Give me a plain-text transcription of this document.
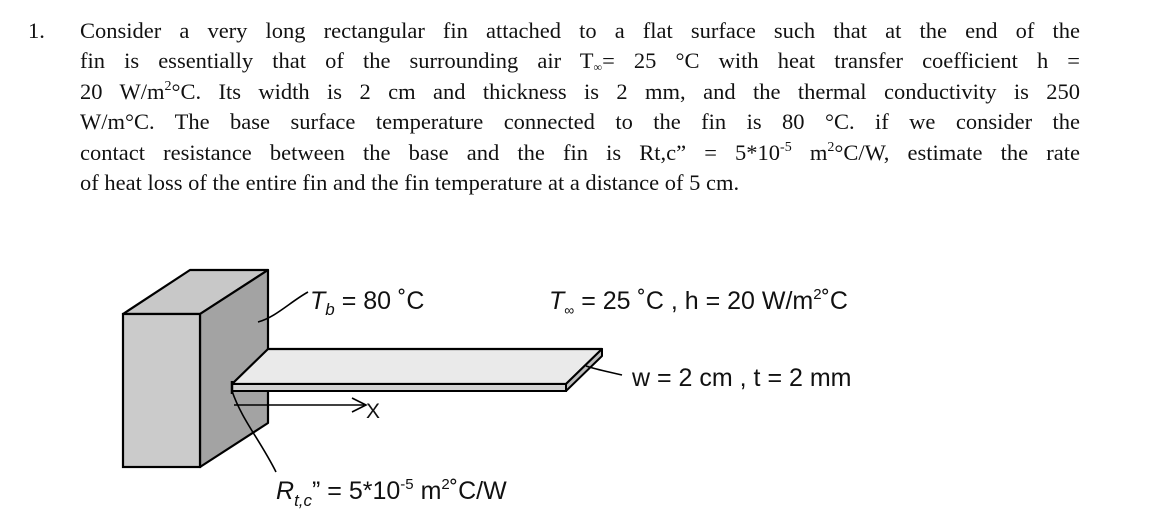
1. Consider a very long rectangular fin attached to a flat surface such that at the end of the
fin is essentially that of the surrounding air $T_\infty= 25$ °C with heat transfer coefficient h =
20 $W/m^2^\circ C$. Its width is 2 cm and thickness is 2 mm, and the thermal conductivity is 250
W/m°C. The base surface temperature connected to the fin is 80 °C. if we consider the
contact resistance between the base and the fin is Rt,c” = $5*10^{-5}$ $m^2^\circ C/W$, estimate the rate
of heat loss of the entire fin and the fin temperature at a distance of 5 cm.
X
$T_b = 80$ ˚C	$T_\infty = 25$ ˚C , h = 20 $W/m^2˚C$
w = 2 cm , t = 2 mm
$R_{t,c}$” = $5*10^{-5}$ $m^2˚C/W$
